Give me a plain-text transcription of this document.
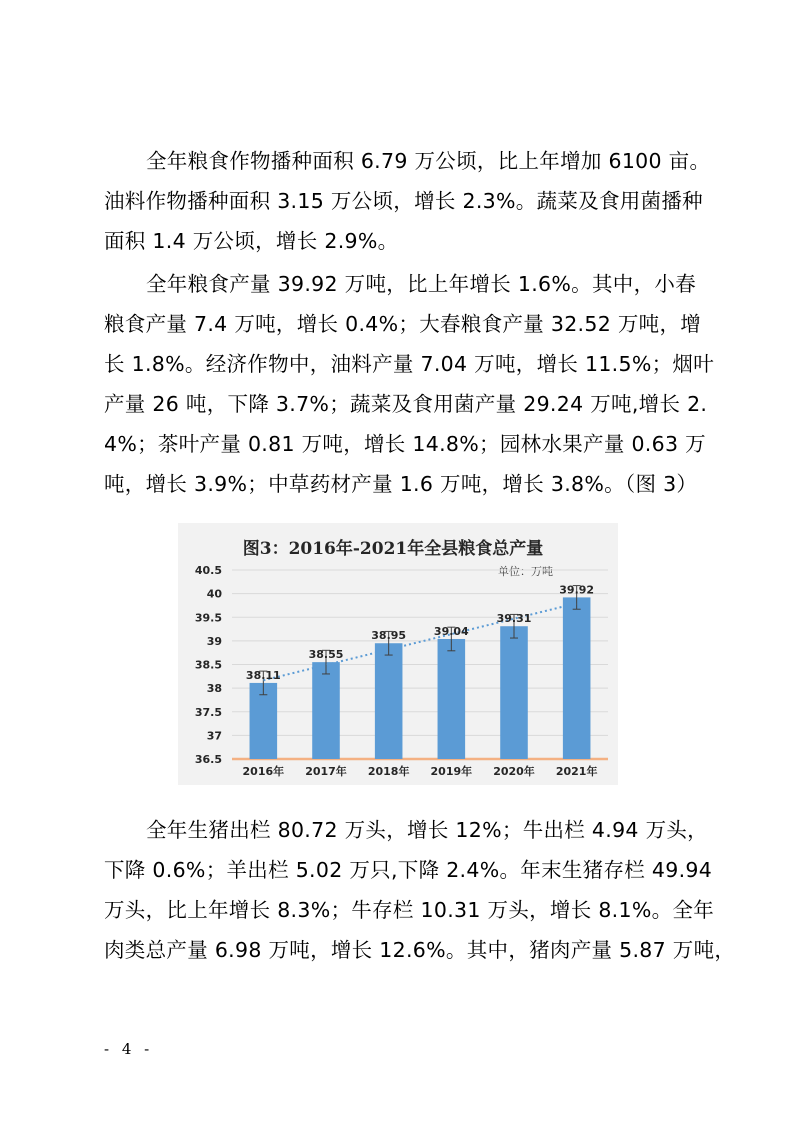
全年粮食作物播种面积 6.79 万公顷，比上年增加 6100 亩。
油料作物播种面积 3.15 万公顷，增长 2.3%。蔬菜及食用菌播种
面积 1.4 万公顷，增长 2.9%。
全年粮食产量 39.92 万吨，比上年增长 1.6%。其中，小春
粮食产量 7.4 万吨，增长 0.4%；大春粮食产量 32.52 万吨，增
长 1.8%。经济作物中，油料产量 7.04 万吨，增长 11.5%；烟叶
产量 26 吨，下降 3.7%；蔬菜及食用菌产量 29.24 万吨,增长 2.
4%；茶叶产量 0.81 万吨，增长 14.8%；园林水果产量 0.63 万
吨，增长 3.9%；中草药材产量 1.6 万吨，增长 3.8%。（图 3）
图3：2016年-2021年全县粮食总产量
单位：万吨
38.11
38.55
38.95	39.04
39.31
39.92
36.5
37
37.5
38
38.5
39
39.5
40
40.5
2016年 2017年 2018年 2019年 2020年 2021年
全年生猪出栏 80.72 万头，增长 12%；牛出栏 4.94 万头，
下降 0.6%；羊出栏 5.02 万只,下降 2.4%。年末生猪存栏 49.94
万头，比上年增长 8.3%；牛存栏 10.31 万头，增长 8.1%。全年
肉类总产量 6.98 万吨，增长 12.6%。其中，猪肉产量 5.87 万吨，
- 4 -
